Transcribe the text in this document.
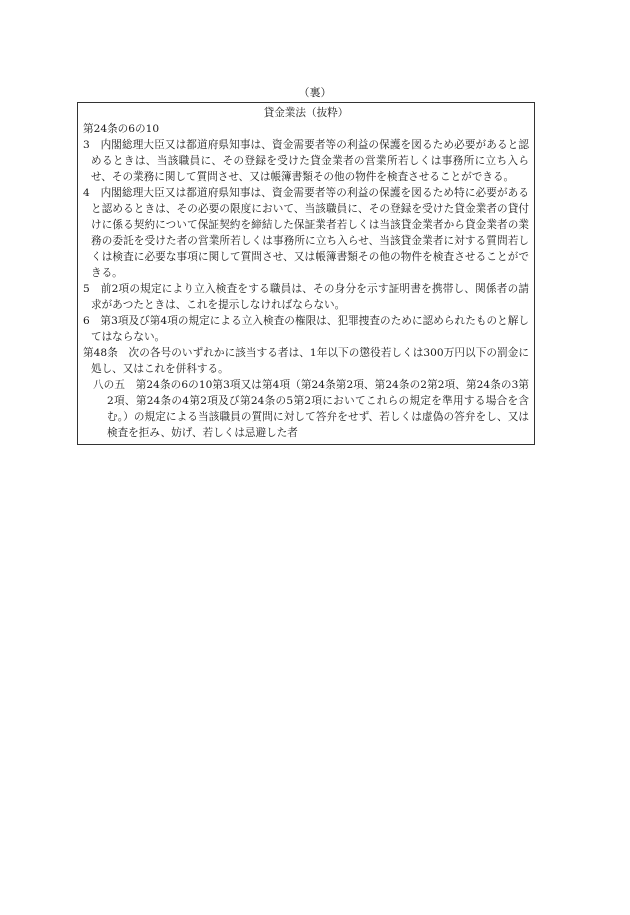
（裏）

貸金業法（抜粋）

第24条の6の10

3　内閣総理大臣又は都道府県知事は、資金需要者等の利益の保護を図るため必要があると認めるときは、当該職員に、その登録を受けた貸金業者の営業所若しくは事務所に立ち入らせ、その業務に関して質問させ、又は帳簿書類その他の物件を検査させることができる。

4　内閣総理大臣又は都道府県知事は、資金需要者等の利益の保護を図るため特に必要があると認めるときは、その必要の限度において、当該職員に、その登録を受けた貸金業者の貸付けに係る契約について保証契約を締結した保証業者若しくは当該貸金業者から貸金業者の業務の委託を受けた者の営業所若しくは事務所に立ち入らせ、当該貸金業者に対する質問若しくは検査に必要な事項に関して質問させ、又は帳簿書類その他の物件を検査させることができる。

5　前2項の規定により立入検査をする職員は、その身分を示す証明書を携帯し、関係者の請求があつたときは、これを提示しなければならない。

6　第3項及び第4項の規定による立入検査の権限は、犯罪捜査のために認められたものと解してはならない。

第48条　次の各号のいずれかに該当する者は、1年以下の懲役若しくは300万円以下の罰金に処し、又はこれを併科する。

八の五　第24条の6の10第3項又は第4項（第24条第2項、第24条の2第2項、第24条の3第2項、第24条の4第2項及び第24条の5第2項においてこれらの規定を準用する場合を含む。）の規定による当該職員の質問に対して答弁をせず、若しくは虚偽の答弁をし、又は検査を拒み、妨げ、若しくは忌避した者
